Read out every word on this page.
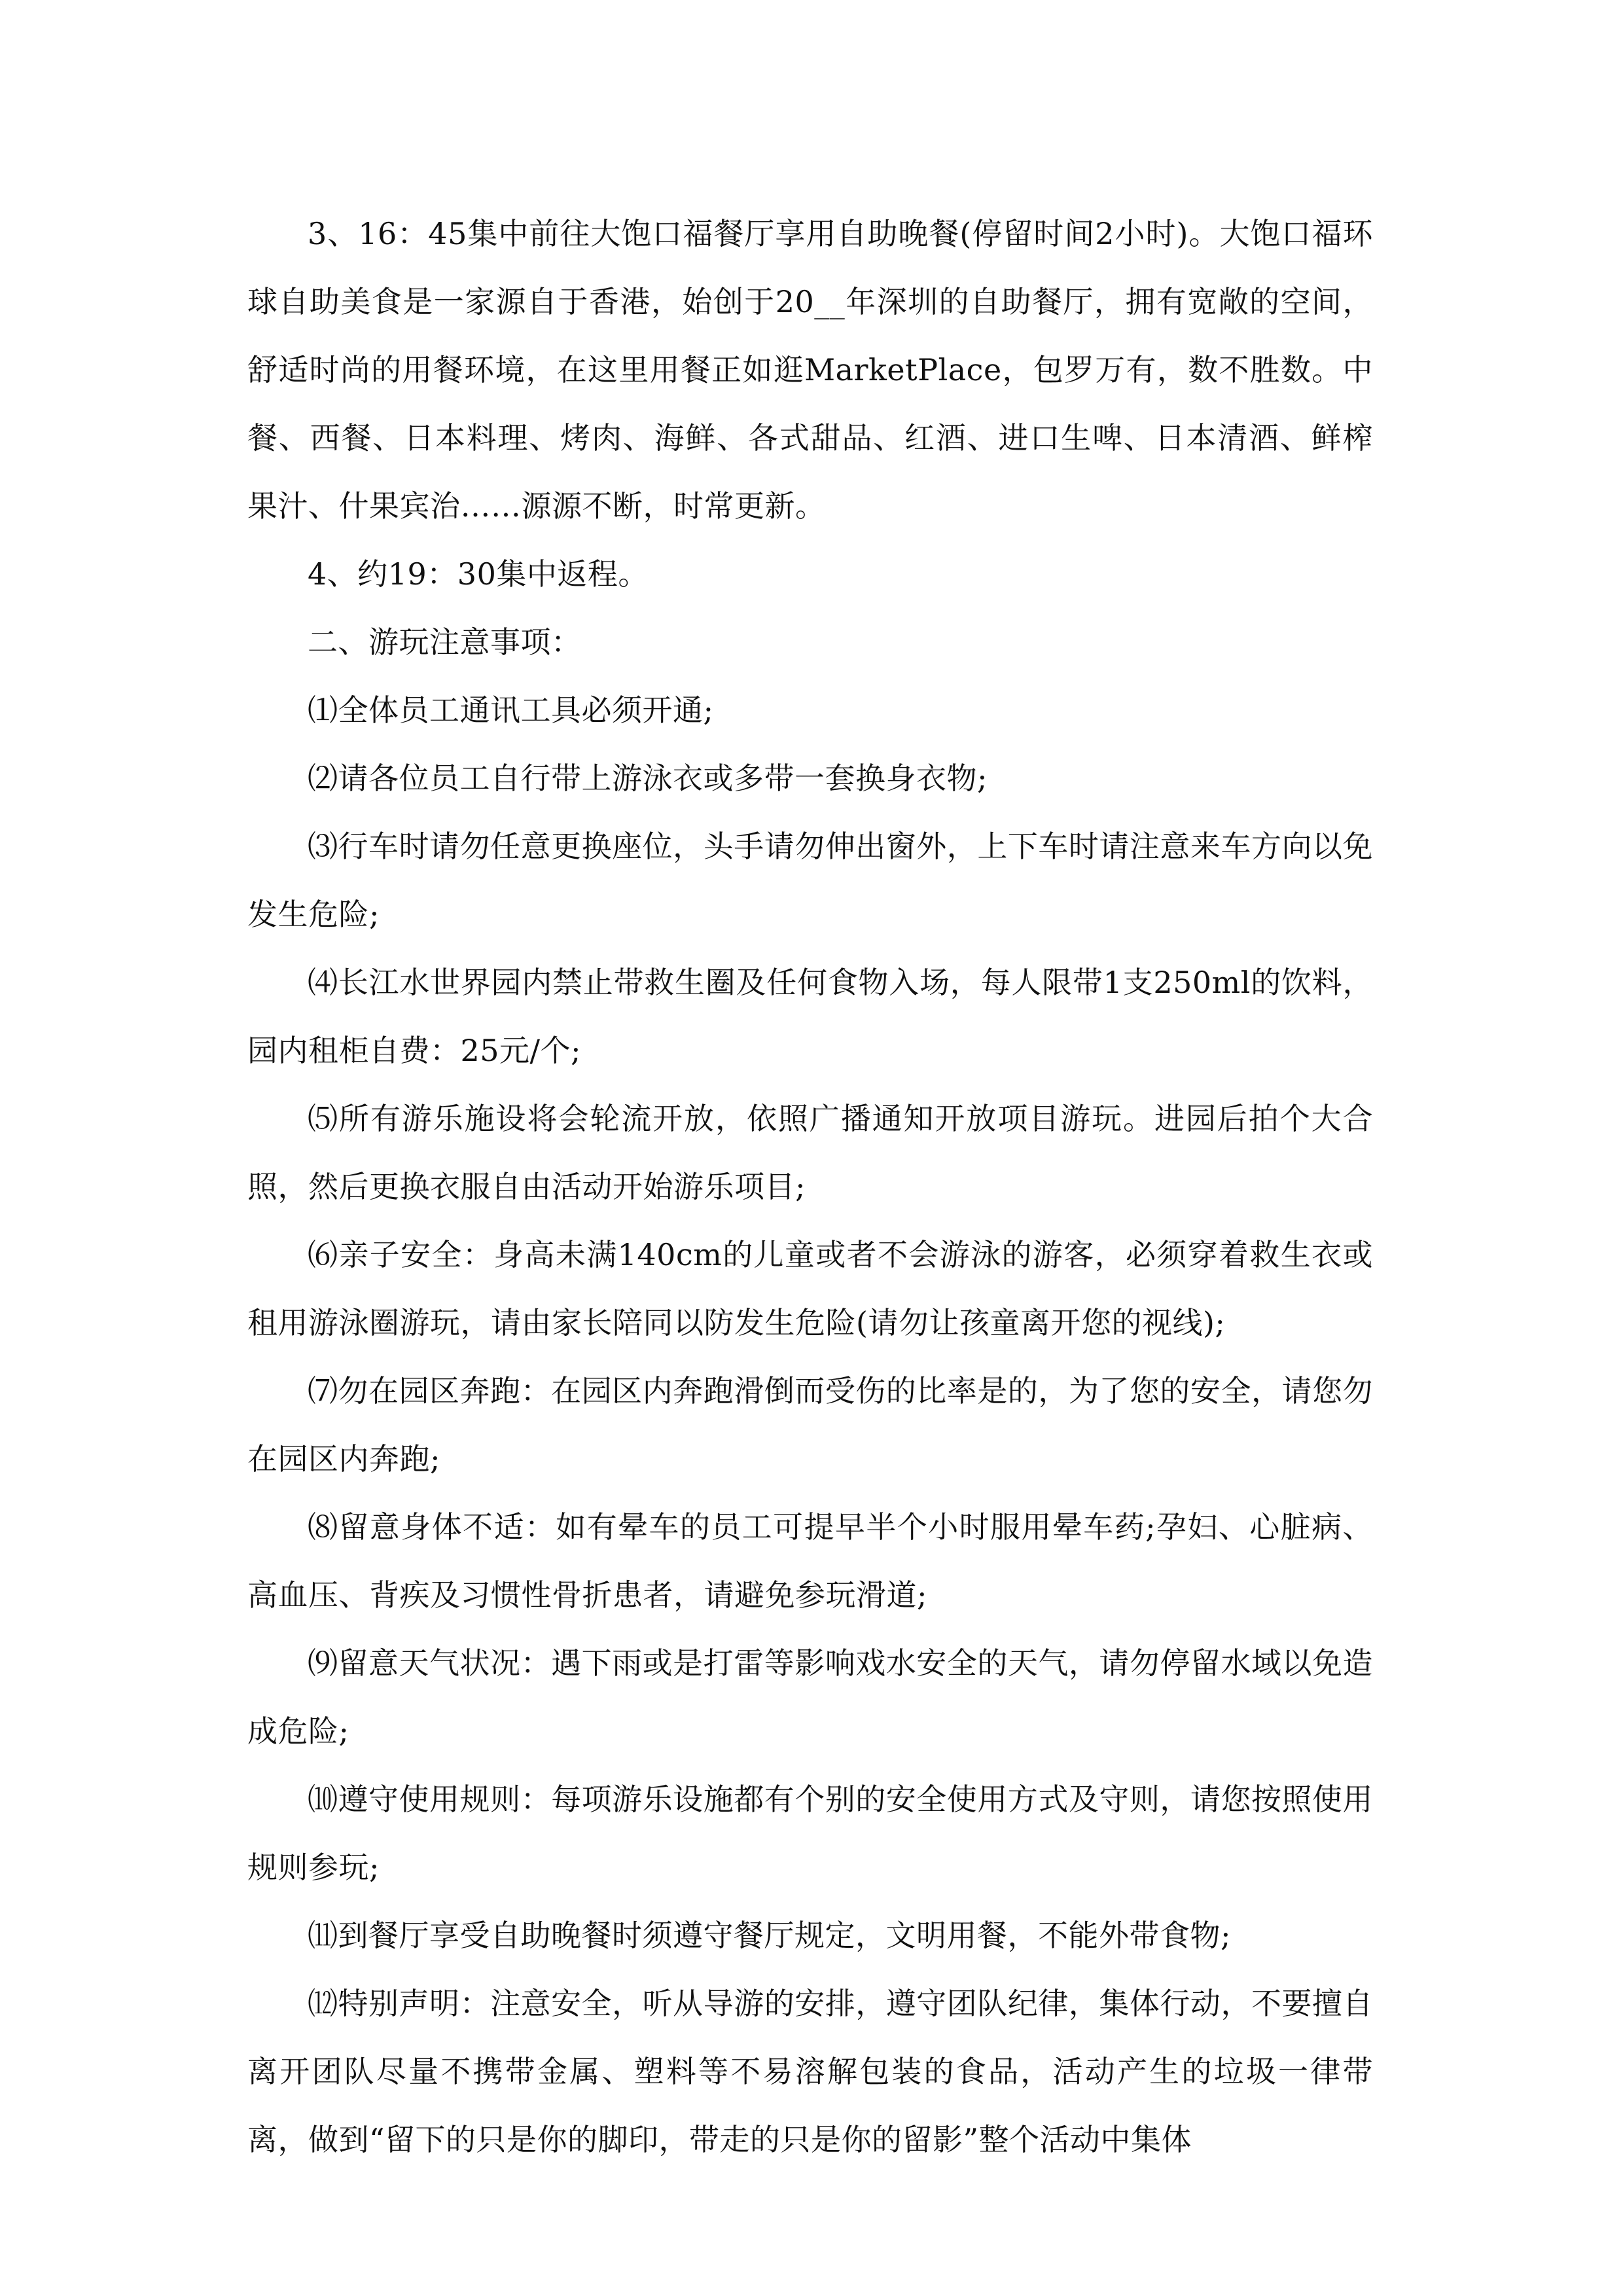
3、16：45集中前往大饱口福餐厅享用自助晚餐(停留时间2小时)。大饱口福环球自助美食是一家源自于香港，始创于20__年深圳的自助餐厅，拥有宽敞的空间，舒适时尚的用餐环境，在这里用餐正如逛MarketPlace，包罗万有，数不胜数。中餐、西餐、日本料理、烤肉、海鲜、各式甜品、红酒、进口生啤、日本清酒、鲜榨果汁、什果宾治……源源不断，时常更新。

4、约19：30集中返程。

二、游玩注意事项：

⑴全体员工通讯工具必须开通;

⑵请各位员工自行带上游泳衣或多带一套换身衣物;

⑶行车时请勿任意更换座位，头手请勿伸出窗外，上下车时请注意来车方向以免发生危险;

⑷长江水世界园内禁止带救生圈及任何食物入场，每人限带1支250ml的饮料，园内租柜自费：25元/个;

⑸所有游乐施设将会轮流开放，依照广播通知开放项目游玩。进园后拍个大合照，然后更换衣服自由活动开始游乐项目;

⑹亲子安全：身高未满140cm的儿童或者不会游泳的游客，必须穿着救生衣或租用游泳圈游玩，请由家长陪同以防发生危险(请勿让孩童离开您的视线);

⑺勿在园区奔跑：在园区内奔跑滑倒而受伤的比率是的，为了您的安全，请您勿在园区内奔跑;

⑻留意身体不适：如有晕车的员工可提早半个小时服用晕车药;孕妇、心脏病、高血压、背疾及习惯性骨折患者，请避免参玩滑道;

⑼留意天气状况：遇下雨或是打雷等影响戏水安全的天气，请勿停留水域以免造成危险;

⑽遵守使用规则：每项游乐设施都有个别的安全使用方式及守则，请您按照使用规则参玩;

⑾到餐厅享受自助晚餐时须遵守餐厅规定，文明用餐，不能外带食物;

⑿特别声明：注意安全，听从导游的安排，遵守团队纪律，集体行动，不要擅自离开团队尽量不携带金属、塑料等不易溶解包装的食品，活动产生的垃圾一律带离，做到“留下的只是你的脚印，带走的只是你的留影”整个活动中集体
